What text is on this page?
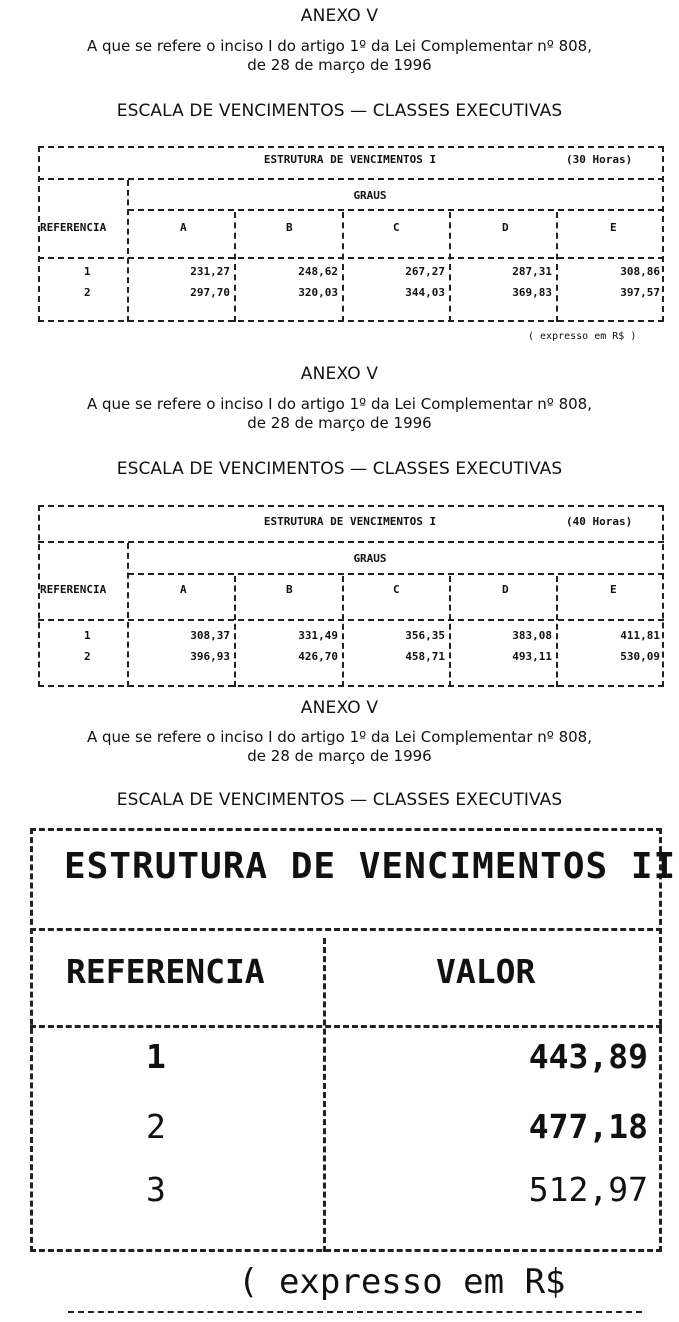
ANEXO V
A que se refere o inciso I do artigo 1º da Lei Complementar nº 808,
de 28 de março de 1996
ESCALA DE VENCIMENTOS — CLASSES EXECUTIVAS
ESTRUTURA DE VENCIMENTOS I	(30 Horas)
GRAUS
REFERENCIA	A	B	C	D	E
1	231,27	248,62	267,27	287,31	308,86
2	297,70	320,03	344,03	369,83	397,57
( expresso em R$ )
ANEXO V
A que se refere o inciso I do artigo 1º da Lei Complementar nº 808,
de 28 de março de 1996
ESCALA DE VENCIMENTOS — CLASSES EXECUTIVAS
ESTRUTURA DE VENCIMENTOS I	(40 Horas)
GRAUS
REFERENCIA	A	B	C	D	E
1	308,37	331,49	356,35	383,08	411,81
2	396,93	426,70	458,71	493,11	530,09
ANEXO V
A que se refere o inciso I do artigo 1º da Lei Complementar nº 808,
de 28 de março de 1996
ESCALA DE VENCIMENTOS — CLASSES EXECUTIVAS
ESTRUTURA DE VENCIMENTOS II
REFERENCIA	VALOR
1	443,89
2	477,18
3	512,97
( expresso em R$
